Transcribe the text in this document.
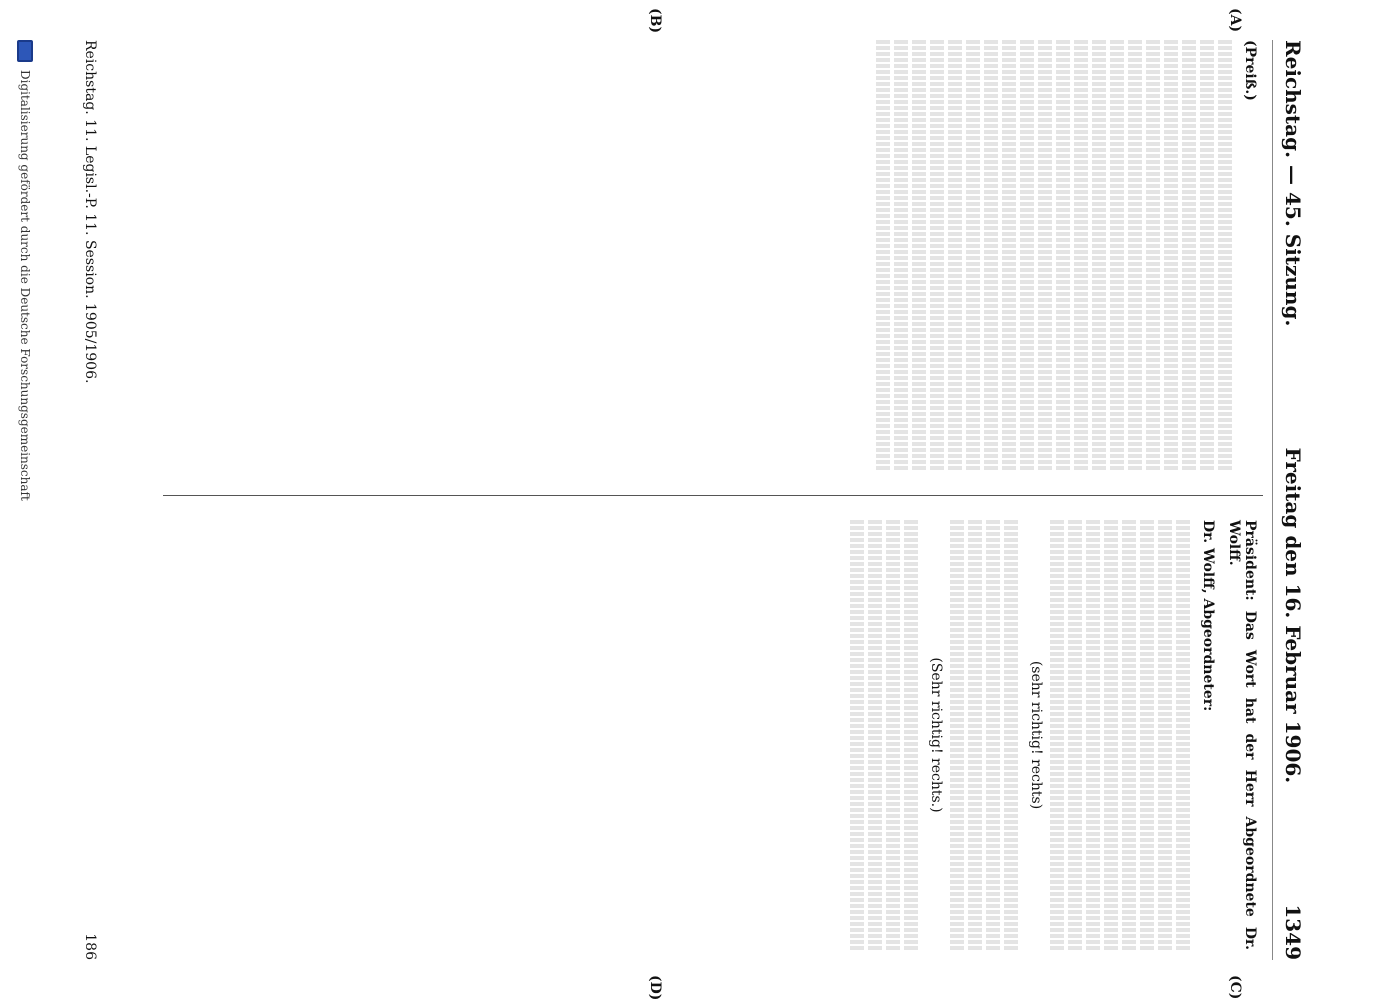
Reichstag. — 45. Sitzung.
Freitag den 16. Februar 1906.
1349
(Preiß.)
Präsident: Das Wort hat der Herr Abgeordnete Dr. Wolff.
Dr. Wolff, Abgeordneter:
(sehr richtig! rechts)
(Sehr richtig! rechts.)
(A)
(B)
(C)
(D)
Reichstag. 11. Legisl.-P. 11. Session. 1905/1906.
186
Digitalisierung gefördert durch die Deutsche Forschungsgemeinschaft
